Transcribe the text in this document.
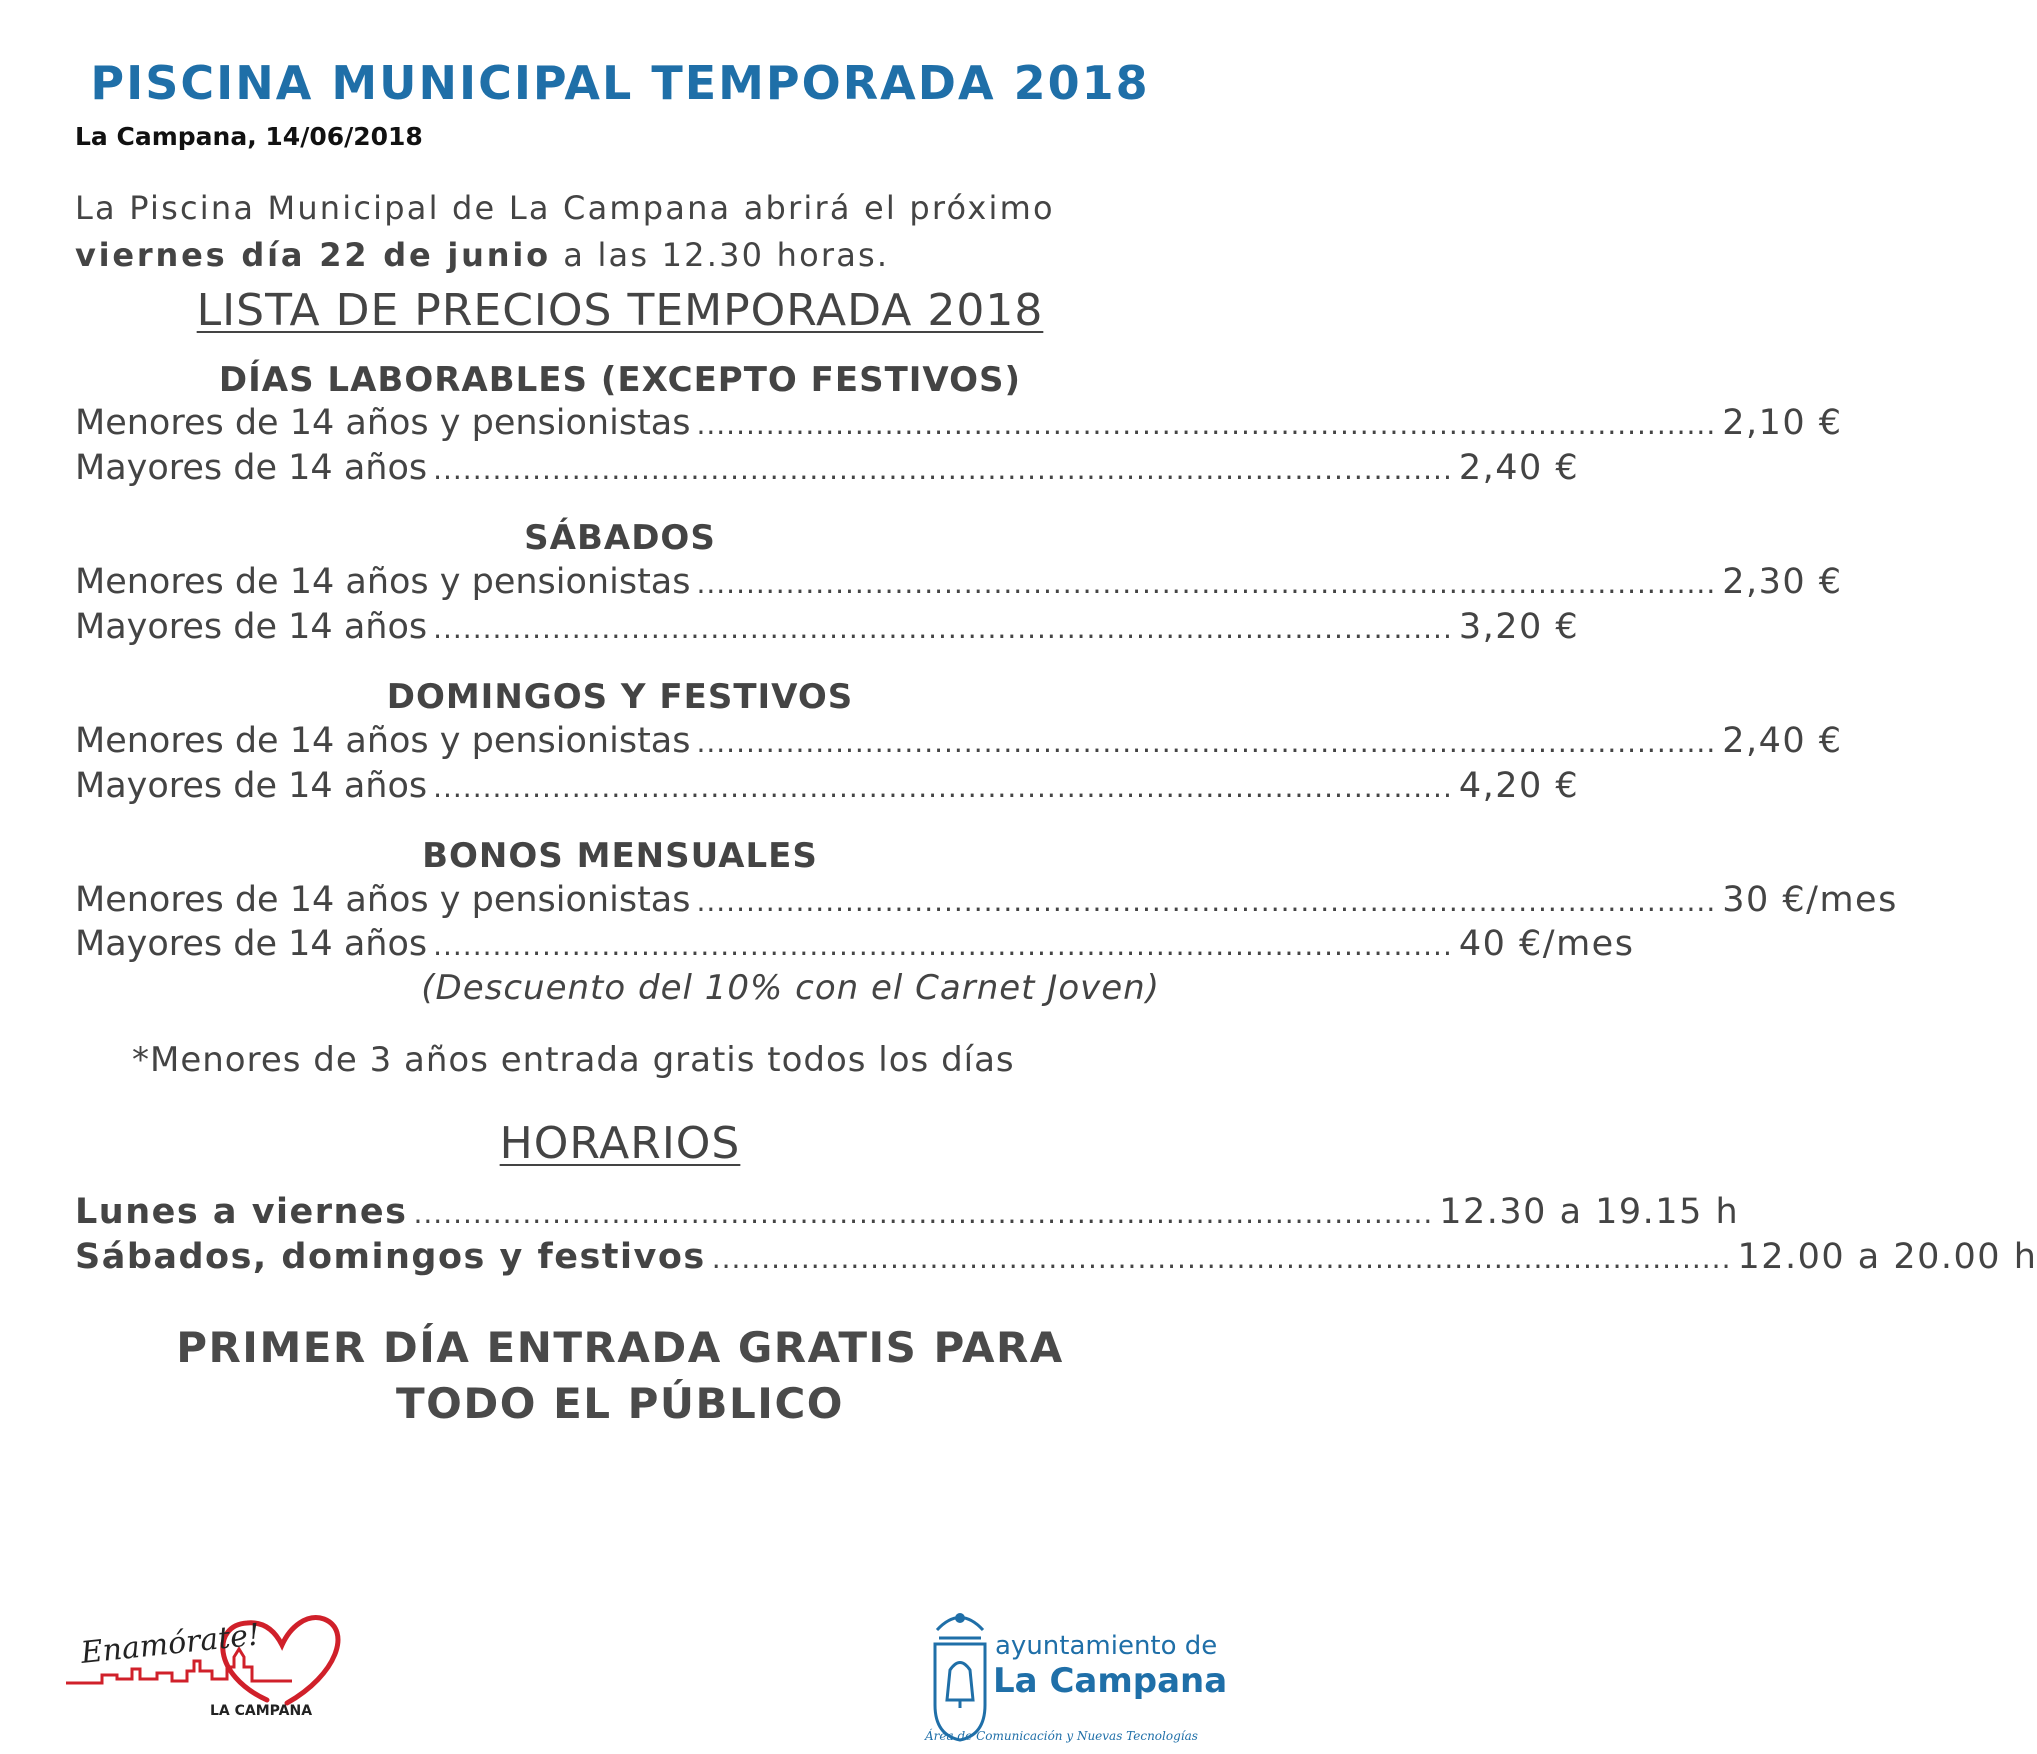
PISCINA MUNICIPAL TEMPORADA 2018
La Campana, 14/06/2018
La Piscina Municipal de La Campana abrirá el próximo
viernes día 22 de junio a las 12.30 horas.
LISTA DE PRECIOS TEMPORADA 2018
DÍAS LABORABLES (EXCEPTO FESTIVOS)
Menores de 14 años y pensionistas ....................................................................................................... 2,10 €
Mayores de 14 años ....................................................................................................... 2,40 €
SÁBADOS
Menores de 14 años y pensionistas ....................................................................................................... 2,30 €
Mayores de 14 años ....................................................................................................... 3,20 €
DOMINGOS Y FESTIVOS
Menores de 14 años y pensionistas ....................................................................................................... 2,40 €
Mayores de 14 años ....................................................................................................... 4,20 €
BONOS MENSUALES
Menores de 14 años y pensionistas ....................................................................................................... 30 €/mes
Mayores de 14 años ....................................................................................................... 40 €/mes
(Descuento del 10% con el Carnet Joven)
*Menores de 3 años entrada gratis todos los días
HORARIOS
Lunes a viernes ....................................................................................................... 12.30 a 19.15 h
Sábados, domingos y festivos ....................................................................................................... 12.00 a 20.00 h
PRIMER DÍA ENTRADA GRATIS PARA
TODO EL PÚBLICO
Enamórate!
LA CAMPANA
ayuntamiento de
La Campana
Área de Comunicación y Nuevas Tecnologías
